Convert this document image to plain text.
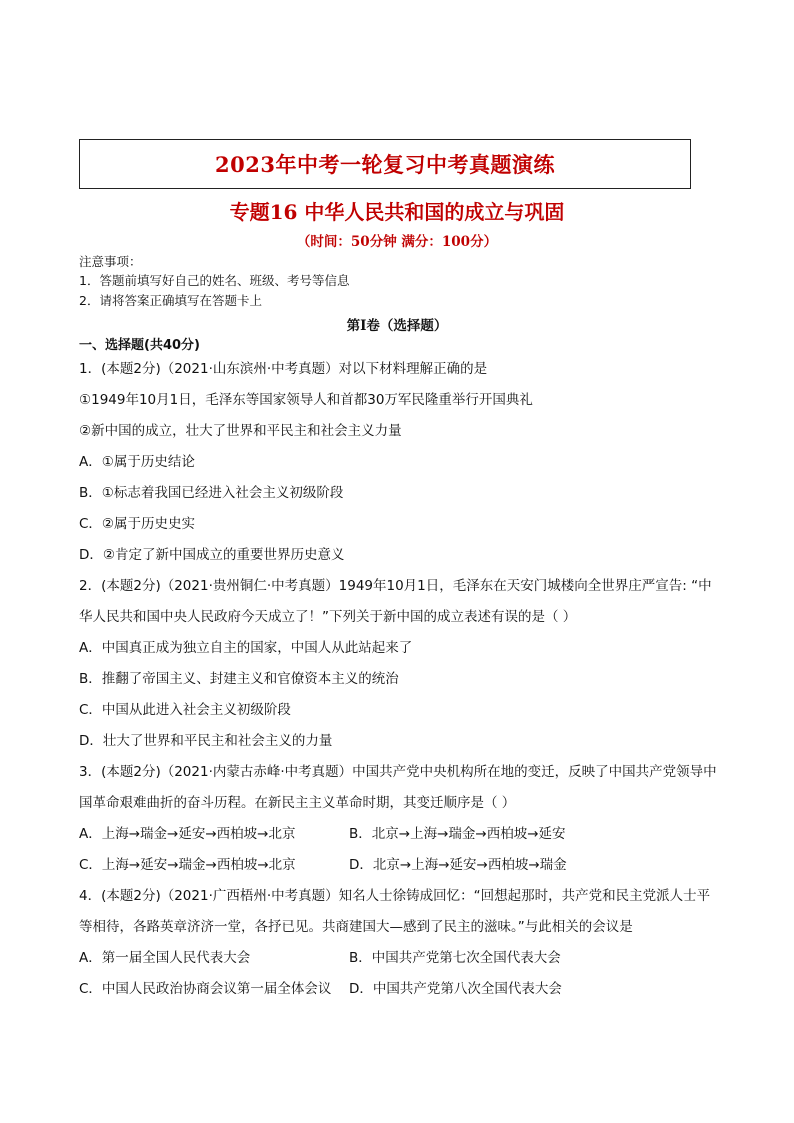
2023年中考一轮复习中考真题演练
专题16 中华人民共和国的成立与巩固
（时间：50分钟 满分：100分）
注意事项：
1．答题前填写好自己的姓名、班级、考号等信息
2．请将答案正确填写在答题卡上
第I卷（选择题）
一、选择题(共40分)
1．(本题2分)（2021·山东滨州·中考真题）对以下材料理解正确的是
①1949年10月1日，毛泽东等国家领导人和首都30万军民隆重举行开国典礼
②新中国的成立，壮大了世界和平民主和社会主义力量
A．①属于历史结论
B．①标志着我国已经进入社会主义初级阶段
C．②属于历史史实
D．②肯定了新中国成立的重要世界历史意义
2．(本题2分)（2021·贵州铜仁·中考真题）1949年10月1日，毛泽东在天安门城楼向全世界庄严宣告: “中
华人民共和国中央人民政府今天成立了！”下列关于新中国的成立表述有误的是（ ）
A．中国真正成为独立自主的国家，中国人从此站起来了
B．推翻了帝国主义、封建主义和官僚资本主义的统治
C．中国从此进入社会主义初级阶段
D．壮大了世界和平民主和社会主义的力量
3．(本题2分)（2021·内蒙古赤峰·中考真题）中国共产党中央机构所在地的变迁，反映了中国共产党领导中
国革命艰难曲折的奋斗历程。在新民主主义革命时期，其变迁顺序是（ ）
A．上海→瑞金→延安→西柏坡→北京	B．北京→上海→瑞金→西柏坡→延安
C．上海→延安→瑞金→西柏坡→北京	D．北京→上海→延安→西柏坡→瑞金
4．(本题2分)（2021·广西梧州·中考真题）知名人士徐铸成回忆：“回想起那时，共产党和民主党派人士平
等相待，各路英章济济一堂，各抒已见。共商建国大—感到了民主的滋味。”与此相关的会议是
A．第一届全国人民代表大会	B．中国共产党第七次全国代表大会
C．中国人民政治协商会议第一届全体会议	D．中国共产党第八次全国代表大会
